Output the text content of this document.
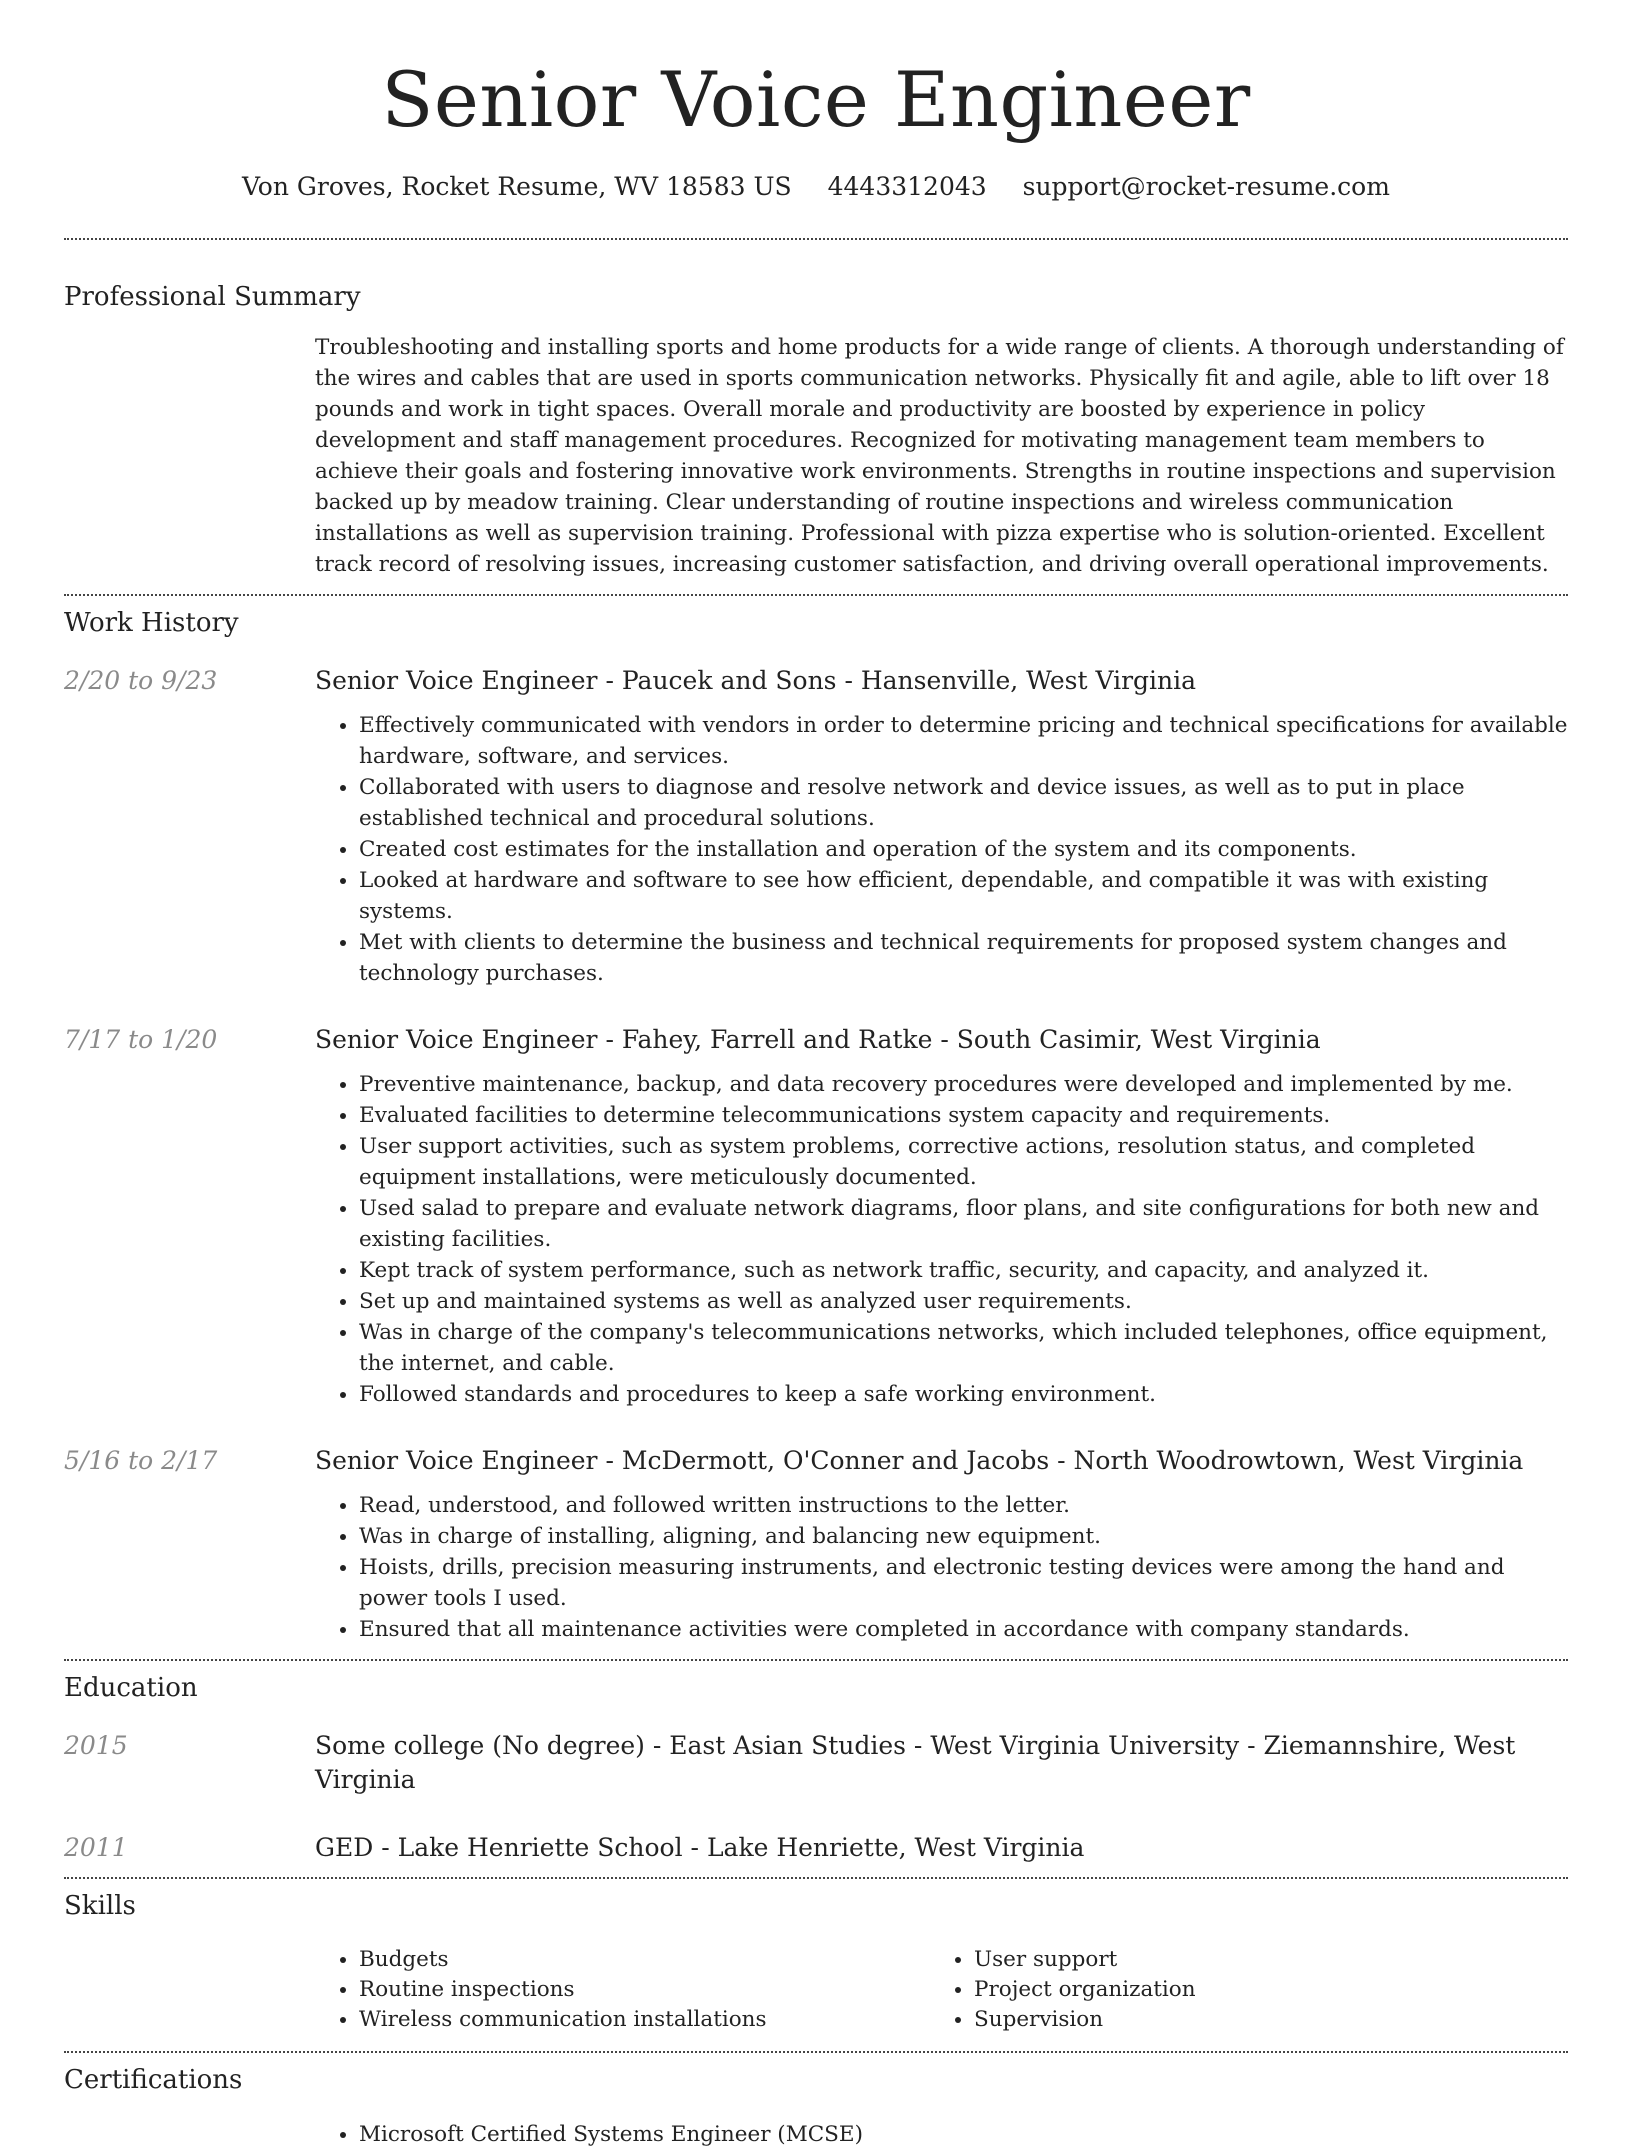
Senior Voice Engineer
Von Groves, Rocket Resume, WV 18583 US 4443312043 support@rocket-resume.com
Professional Summary

Troubleshooting and installing sports and home products for a wide range of clients. A thorough understanding of the wires and cables that are used in sports communication networks. Physically fit and agile, able to lift over 18 pounds and work in tight spaces. Overall morale and productivity are boosted by experience in policy development and staff management procedures. Recognized for motivating management team members to achieve their goals and fostering innovative work environments. Strengths in routine inspections and supervision backed up by meadow training. Clear understanding of routine inspections and wireless communication installations as well as supervision training. Professional with pizza expertise who is solution-oriented. Excellent track record of resolving issues, increasing customer satisfaction, and driving overall operational improvements.

Work History
2/20 to 9/23	Senior Voice Engineer - Paucek and Sons - Hansenville, West Virginia
• Effectively communicated with vendors in order to determine pricing and technical specifications for available hardware, software, and services.
• Collaborated with users to diagnose and resolve network and device issues, as well as to put in place established technical and procedural solutions.
• Created cost estimates for the installation and operation of the system and its components.
• Looked at hardware and software to see how efficient, dependable, and compatible it was with existing systems.
• Met with clients to determine the business and technical requirements for proposed system changes and technology purchases.
7/17 to 1/20	Senior Voice Engineer - Fahey, Farrell and Ratke - South Casimir, West Virginia
• Preventive maintenance, backup, and data recovery procedures were developed and implemented by me.
• Evaluated facilities to determine telecommunications system capacity and requirements.
• User support activities, such as system problems, corrective actions, resolution status, and completed equipment installations, were meticulously documented.
• Used salad to prepare and evaluate network diagrams, floor plans, and site configurations for both new and existing facilities.
• Kept track of system performance, such as network traffic, security, and capacity, and analyzed it.
• Set up and maintained systems as well as analyzed user requirements.
• Was in charge of the company's telecommunications networks, which included telephones, office equipment, the internet, and cable.
• Followed standards and procedures to keep a safe working environment.
5/16 to 2/17	Senior Voice Engineer - McDermott, O'Conner and Jacobs - North Woodrowtown, West Virginia
• Read, understood, and followed written instructions to the letter.
• Was in charge of installing, aligning, and balancing new equipment.
• Hoists, drills, precision measuring instruments, and electronic testing devices were among the hand and power tools I used.
• Ensured that all maintenance activities were completed in accordance with company standards.
Education
2015	Some college (No degree) - East Asian Studies - West Virginia University - Ziemannshire, West Virginia
2011	GED - Lake Henriette School - Lake Henriette, West Virginia
Skills
• Budgets
• Routine inspections
• Wireless communication installations
• User support
• Project organization
• Supervision
Certifications
• Microsoft Certified Systems Engineer (MCSE)
